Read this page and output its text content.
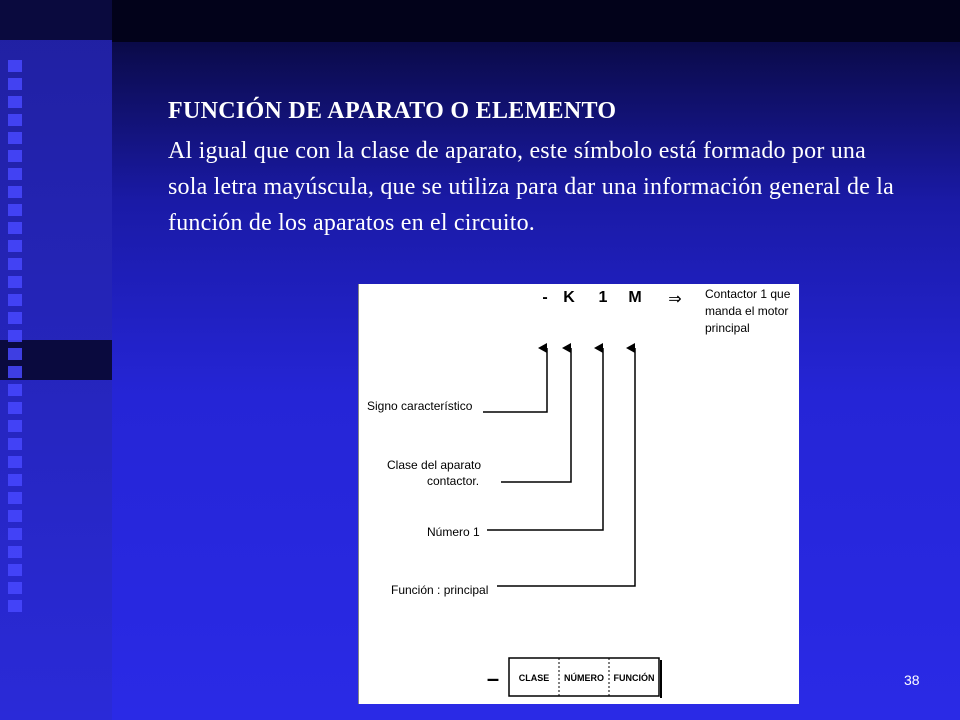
FUNCIÓN DE APARATO O ELEMENTO

Al igual que con la clase de aparato, este símbolo está formado por una sola letra mayúscula, que se utiliza para dar una información general de la función de los aparatos en el circuito.

- K 1 M ⇒ Contactor 1 que
manda el motor
principal
Signo característico
Clase del aparato
contactor.
Número 1
Función : principal
– CLASE NÚMERO FUNCIÓN	38
